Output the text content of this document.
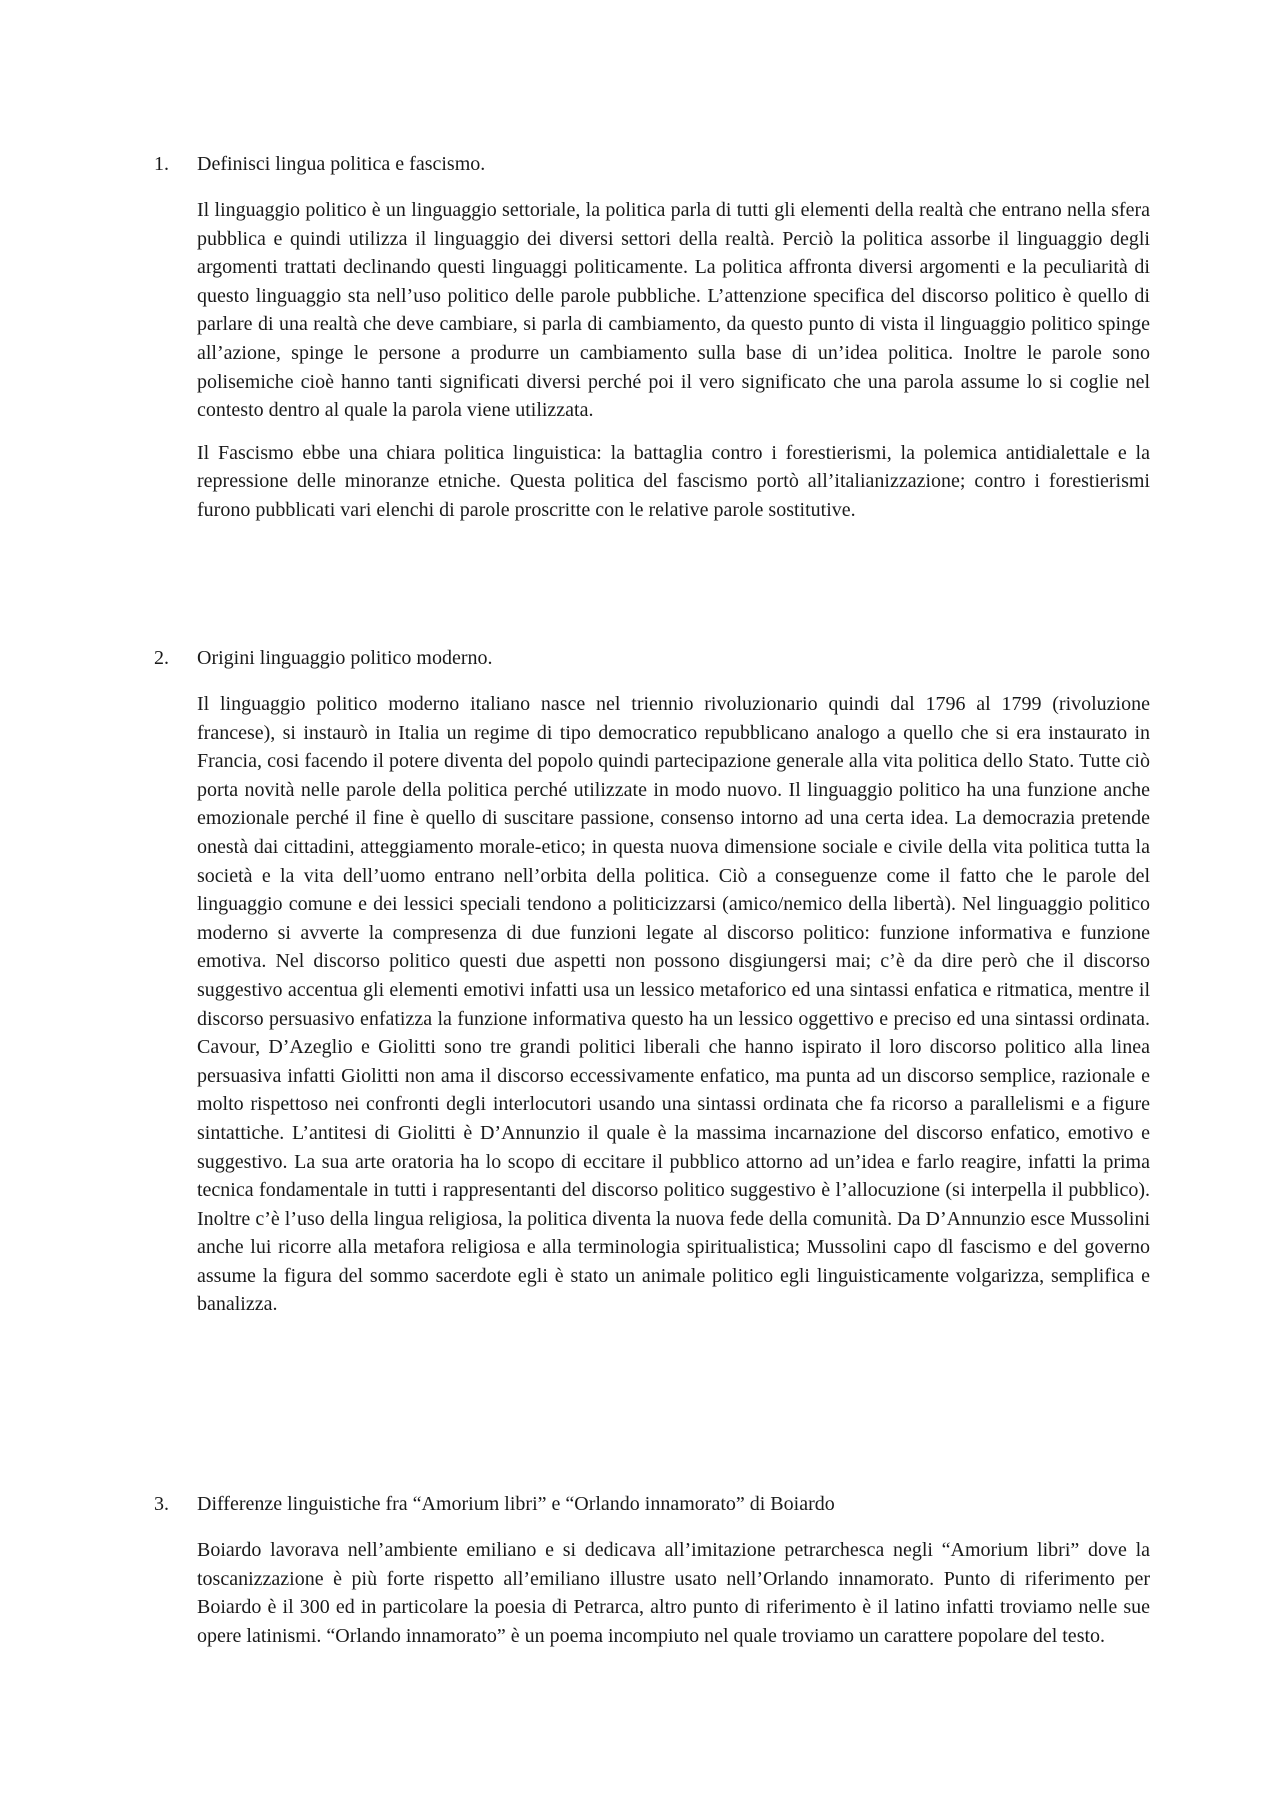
1. Definisci lingua politica e fascismo.

Il linguaggio politico è un linguaggio settoriale, la politica parla di tutti gli elementi della realtà che entrano nella sfera pubblica e quindi utilizza il linguaggio dei diversi settori della realtà. Perciò la politica assorbe il linguaggio degli argomenti trattati declinando questi linguaggi politicamente. La politica affronta diversi argomenti e la peculiarità di questo linguaggio sta nell’uso politico delle parole pubbliche. L’attenzione specifica del discorso politico è quello di parlare di una realtà che deve cambiare, si parla di cambiamento, da questo punto di vista il linguaggio politico spinge all’azione, spinge le persone a produrre un cambiamento sulla base di un’idea politica. Inoltre le parole sono polisemiche cioè hanno tanti significati diversi perché poi il vero significato che una parola assume lo si coglie nel contesto dentro al quale la parola viene utilizzata.

Il Fascismo ebbe una chiara politica linguistica: la battaglia contro i forestierismi, la polemica antidialettale e la repressione delle minoranze etniche. Questa politica del fascismo portò all’italianizzazione; contro i forestierismi furono pubblicati vari elenchi di parole proscritte con le relative parole sostitutive.

2. Origini linguaggio politico moderno.

Il linguaggio politico moderno italiano nasce nel triennio rivoluzionario quindi dal 1796 al 1799 (rivoluzione francese), si instaurò in Italia un regime di tipo democratico repubblicano analogo a quello che si era instaurato in Francia, cosi facendo il potere diventa del popolo quindi partecipazione generale alla vita politica dello Stato. Tutte ciò porta novità nelle parole della politica perché utilizzate in modo nuovo. Il linguaggio politico ha una funzione anche emozionale perché il fine è quello di suscitare passione, consenso intorno ad una certa idea. La democrazia pretende onestà dai cittadini, atteggiamento morale-etico; in questa nuova dimensione sociale e civile della vita politica tutta la società e la vita dell’uomo entrano nell’orbita della politica. Ciò a conseguenze come il fatto che le parole del linguaggio comune e dei lessici speciali tendono a politicizzarsi (amico/nemico della libertà). Nel linguaggio politico moderno si avverte la compresenza di due funzioni legate al discorso politico: funzione informativa e funzione emotiva. Nel discorso politico questi due aspetti non possono disgiungersi mai; c’è da dire però che il discorso suggestivo accentua gli elementi emotivi infatti usa un lessico metaforico ed una sintassi enfatica e ritmatica, mentre il discorso persuasivo enfatizza la funzione informativa questo ha un lessico oggettivo e preciso ed una sintassi ordinata. Cavour, D’Azeglio e Giolitti sono tre grandi politici liberali che hanno ispirato il loro discorso politico alla linea persuasiva infatti Giolitti non ama il discorso eccessivamente enfatico, ma punta ad un discorso semplice, razionale e molto rispettoso nei confronti degli interlocutori usando una sintassi ordinata che fa ricorso a parallelismi e a figure sintattiche. L’antitesi di Giolitti è D’Annunzio il quale è la massima incarnazione del discorso enfatico, emotivo e suggestivo. La sua arte oratoria ha lo scopo di eccitare il pubblico attorno ad un’idea e farlo reagire, infatti la prima tecnica fondamentale in tutti i rappresentanti del discorso politico suggestivo è l’allocuzione (si interpella il pubblico). Inoltre c’è l’uso della lingua religiosa, la politica diventa la nuova fede della comunità. Da D’Annunzio esce Mussolini anche lui ricorre alla metafora religiosa e alla terminologia spiritualistica; Mussolini capo dl fascismo e del governo assume la figura del sommo sacerdote egli è stato un animale politico egli linguisticamente volgarizza, semplifica e banalizza.

3. Differenze linguistiche fra “Amorium libri” e “Orlando innamorato” di Boiardo

Boiardo lavorava nell’ambiente emiliano e si dedicava all’imitazione petrarchesca negli “Amorium libri” dove la toscanizzazione è più forte rispetto all’emiliano illustre usato nell’Orlando innamorato. Punto di riferimento per Boiardo è il 300 ed in particolare la poesia di Petrarca, altro punto di riferimento è il latino infatti troviamo nelle sue opere latinismi. “Orlando innamorato” è un poema incompiuto nel quale troviamo un carattere popolare del testo.
